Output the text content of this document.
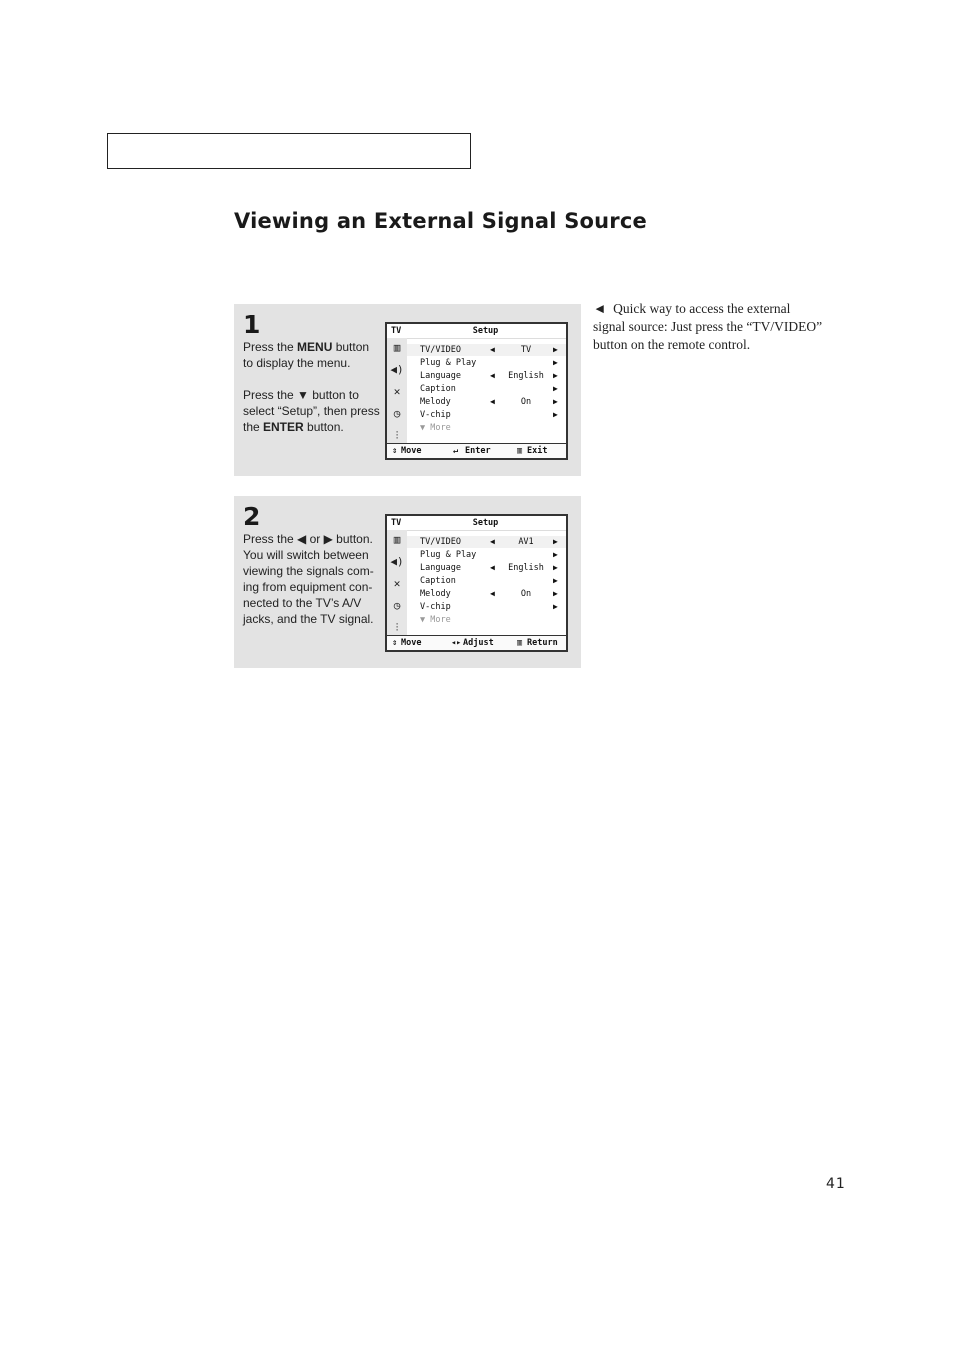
Viewing an External Signal Source
1

Press the MENU button to display the menu.

Press the ▼ button to select “Setup”, then press the ENTER button.

TV	Setup
▥
◀)
✕
◷
⫶
TV/VIDEO	◀	TV	▶
Plug & Play	▶
Language	◀	English	▶
Caption	▶
Melody	◀	On	▶
V-chip	▶
▼ More
⇕ Move	↵ Enter	▥ Exit
2

Press the ◀ or ▶ button. You will switch between viewing the signals com-ing from equipment con-nected to the TV’s A/V jacks, and the TV signal.

TV	Setup
▥
◀)
✕
◷
⫶
TV/VIDEO	◀	AV1	▶
Plug & Play	▶
Language	◀	English	▶
Caption	▶
Melody	◀	On	▶
V-chip	▶
▼ More
⇕ Move	◂▸ Adjust	▥ Return
◄ Quick way to access the external signal source: Just press the “TV/VIDEO” button on the remote control.
41
